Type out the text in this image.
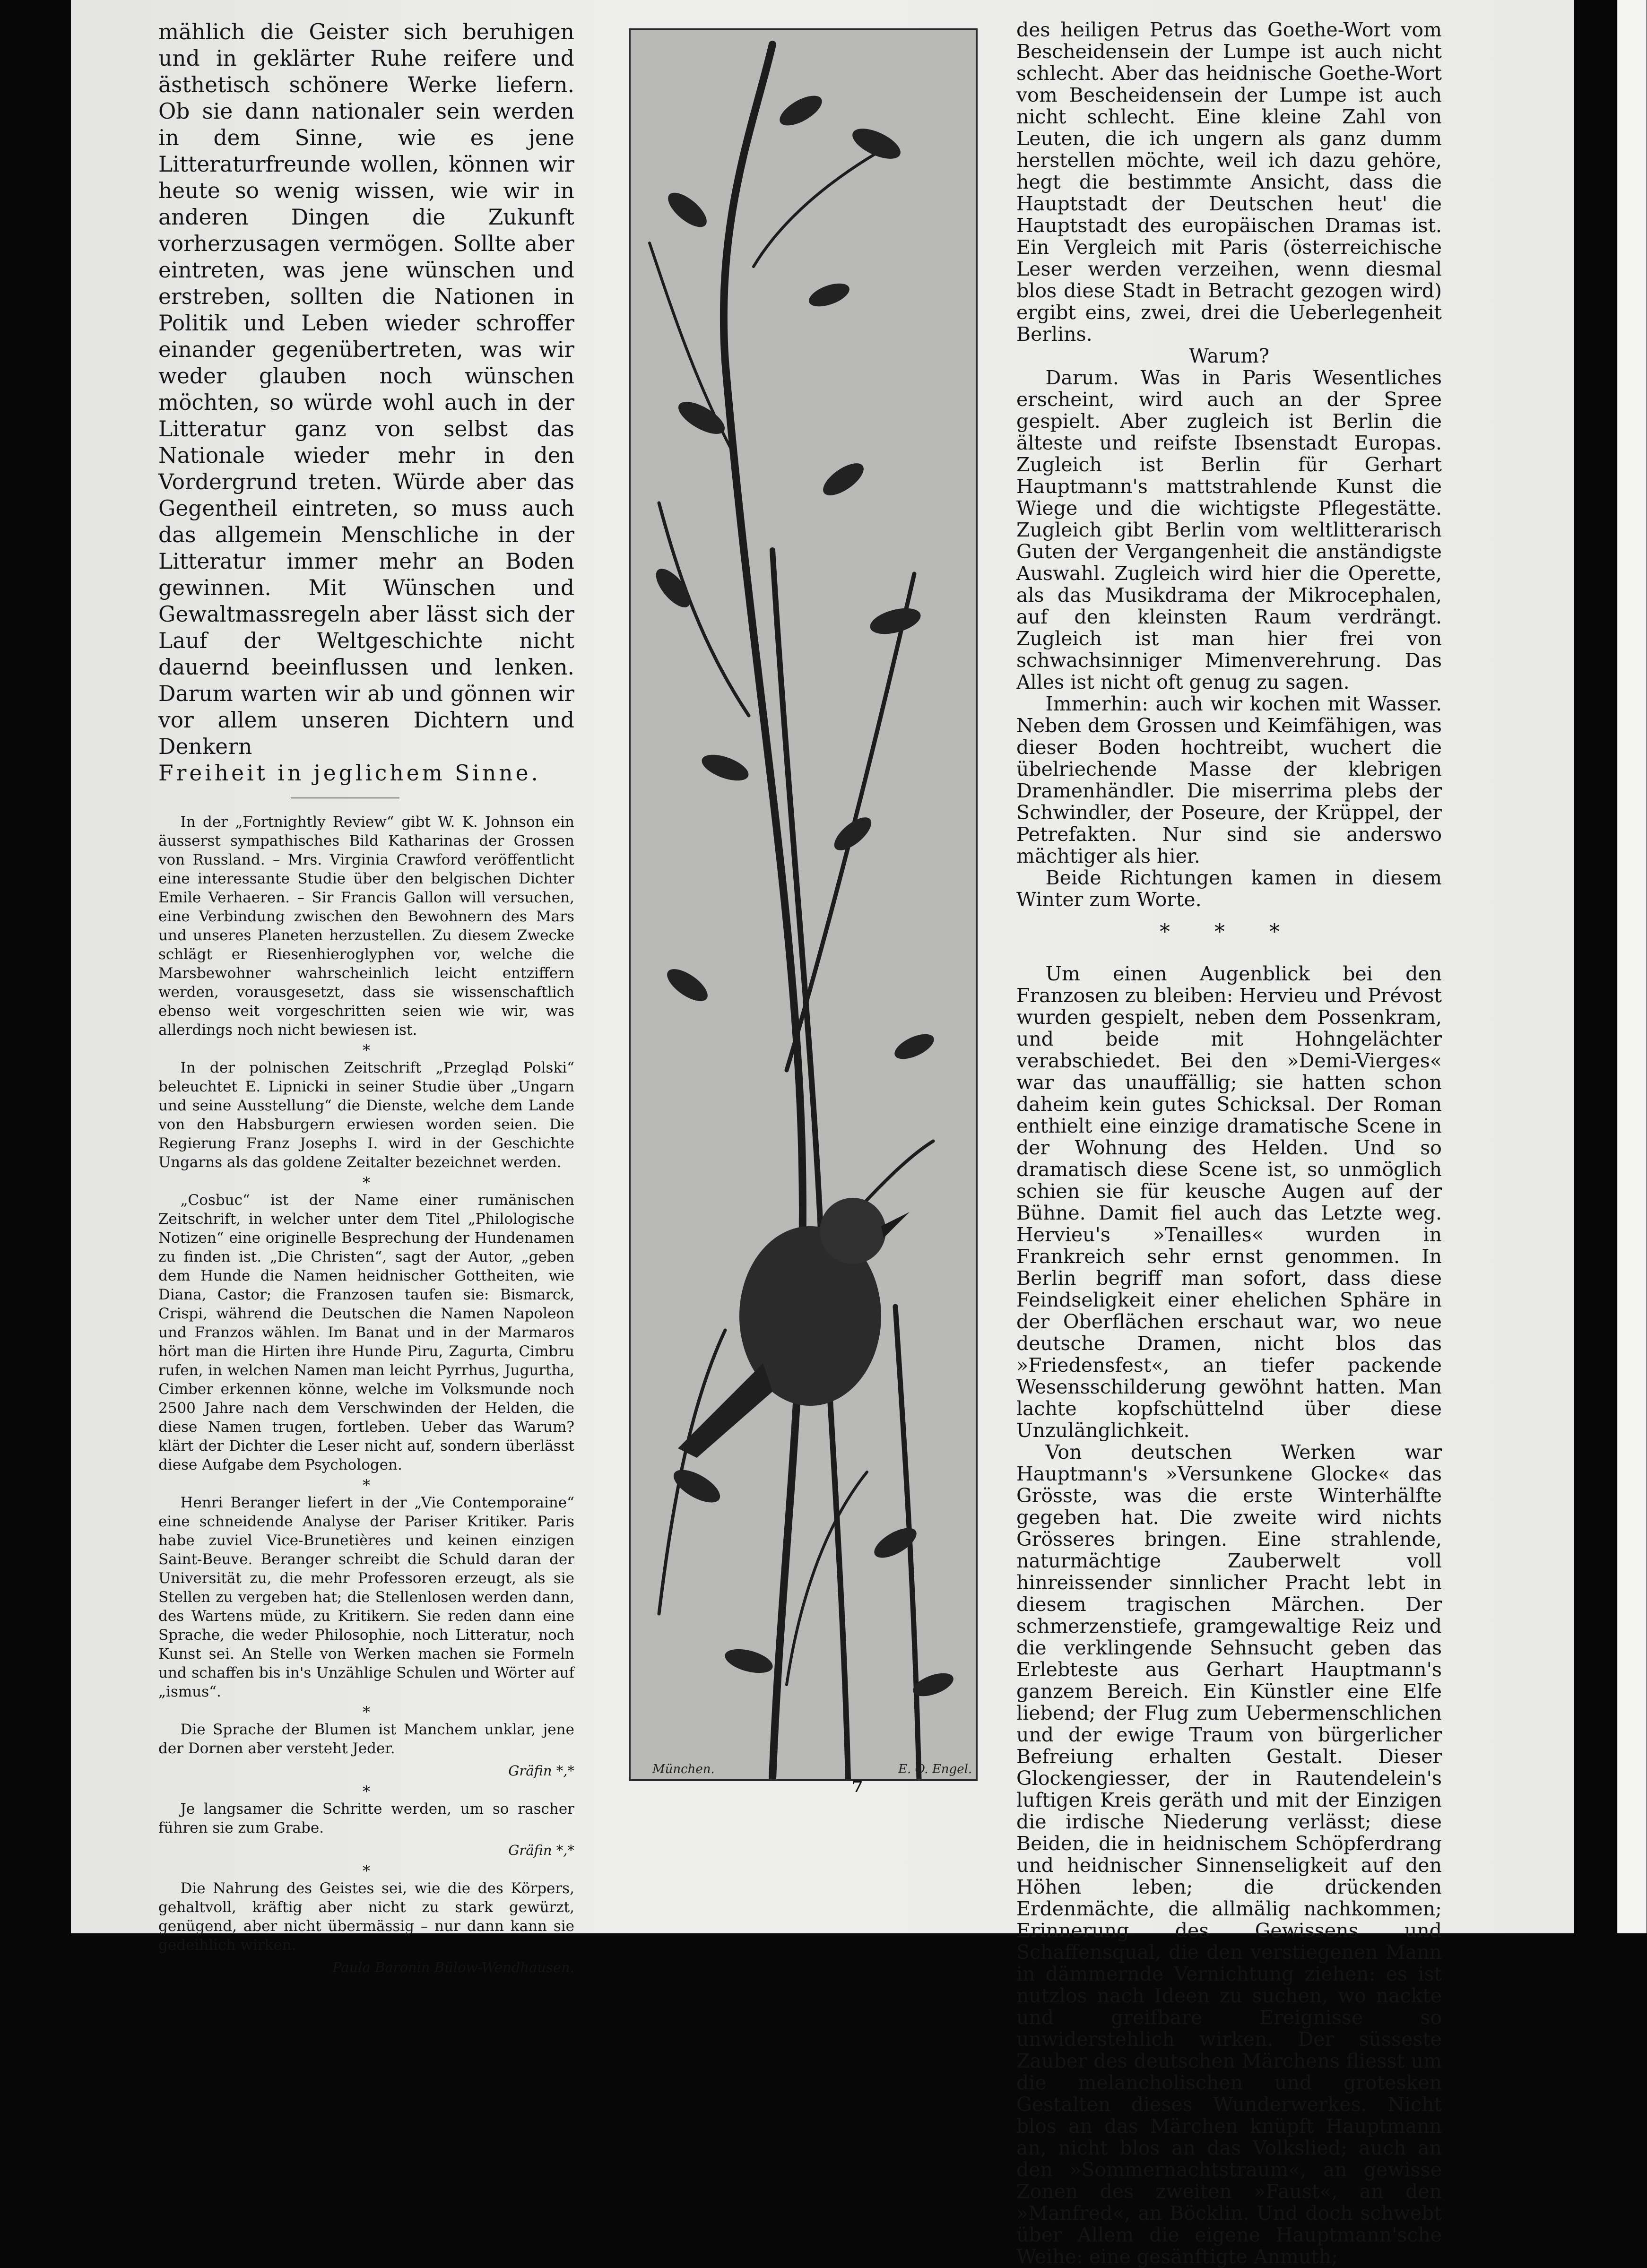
mählich die Geister sich beruhigen und in geklärter Ruhe reifere und ästhetisch schönere Werke liefern. Ob sie dann nationaler sein werden in dem Sinne, wie es jene Litteraturfreunde wollen, können wir heute so wenig wissen, wie wir in anderen Dingen die Zukunft vorherzusagen vermögen. Sollte aber eintreten, was jene wünschen und erstreben, sollten die Nationen in Politik und Leben wieder schroffer einander gegenübertreten, was wir weder glauben noch wünschen möchten, so würde wohl auch in der Litteratur ganz von selbst das Nationale wieder mehr in den Vordergrund treten. Würde aber das Gegentheil eintreten, so muss auch das allgemein Menschliche in der Litteratur immer mehr an Boden gewinnen. Mit Wünschen und Gewaltmassregeln aber lässt sich der Lauf der Weltgeschichte nicht dauernd beeinflussen und lenken. Darum warten wir ab und gönnen wir vor allem unseren Dichtern und Denkern

Freiheit in jeglichem Sinne.

In der „Fortnightly Review“ gibt W. K. Johnson ein äusserst sympathisches Bild Katharinas der Grossen von Russland. – Mrs. Virginia Crawford veröffentlicht eine interessante Studie über den belgischen Dichter Emile Verhaeren. – Sir Francis Gallon will versuchen, eine Verbindung zwischen den Bewohnern des Mars und unseres Planeten herzustellen. Zu diesem Zwecke schlägt er Riesenhieroglyphen vor, welche die Marsbewohner wahrscheinlich leicht entziffern werden, vorausgesetzt, dass sie wissenschaftlich ebenso weit vorgeschritten seien wie wir, was allerdings noch nicht bewiesen ist.

*

In der polnischen Zeitschrift „Przegląd Polski“ beleuchtet E. Lipnicki in seiner Studie über „Ungarn und seine Ausstellung“ die Dienste, welche dem Lande von den Habsburgern erwiesen worden seien. Die Regierung Franz Josephs I. wird in der Geschichte Ungarns als das goldene Zeitalter bezeichnet werden.

*

„Cosbuc“ ist der Name einer rumänischen Zeitschrift, in welcher unter dem Titel „Philologische Notizen“ eine originelle Besprechung der Hundenamen zu finden ist. „Die Christen“, sagt der Autor, „geben dem Hunde die Namen heidnischer Gottheiten, wie Diana, Castor; die Franzosen taufen sie: Bismarck, Crispi, während die Deutschen die Namen Napoleon und Franzos wählen. Im Banat und in der Marmaros hört man die Hirten ihre Hunde Piru, Zagurta, Cimbru rufen, in welchen Namen man leicht Pyrrhus, Jugurtha, Cimber erkennen könne, welche im Volksmunde noch 2500 Jahre nach dem Verschwinden der Helden, die diese Namen trugen, fortleben. Ueber das Warum? klärt der Dichter die Leser nicht auf, sondern überlässt diese Aufgabe dem Psychologen.

*

Henri Beranger liefert in der „Vie Contemporaine“ eine schneidende Analyse der Pariser Kritiker. Paris habe zuviel Vice-Brunetières und keinen einzigen Saint-Beuve. Beranger schreibt die Schuld daran der Universität zu, die mehr Professoren erzeugt, als sie Stellen zu vergeben hat; die Stellenlosen werden dann, des Wartens müde, zu Kritikern. Sie reden dann eine Sprache, die weder Philosophie, noch Litteratur, noch Kunst sei. An Stelle von Werken machen sie Formeln und schaffen bis in's Unzählige Schulen und Wörter auf „ismus“.

*

Die Sprache der Blumen ist Manchem unklar, jene der Dornen aber versteht Jeder.

Gräfin *,*

*

Je langsamer die Schritte werden, um so rascher führen sie zum Grabe.

Gräfin *,*

*

Die Nahrung des Geistes sei, wie die des Körpers, gehaltvoll, kräftig aber nicht zu stark gewürzt, genügend, aber nicht übermässig – nur dann kann sie gedeihlich wirken.

Paula Baronin Bülow-Wendhausen.

München.	E. O. Engel.

des heiligen Petrus das Goethe-Wort vom Bescheidensein der Lumpe ist auch nicht schlecht. Aber das heidnische Goethe-Wort vom Bescheidensein der Lumpe ist auch nicht schlecht. Eine kleine Zahl von Leuten, die ich ungern als ganz dumm herstellen möchte, weil ich dazu gehöre, hegt die bestimmte Ansicht, dass die Hauptstadt der Deutschen heut' die Hauptstadt des europäischen Dramas ist. Ein Vergleich mit Paris (österreichische Leser werden verzeihen, wenn diesmal blos diese Stadt in Betracht gezogen wird) ergibt eins, zwei, drei die Ueberlegenheit Berlins.

Warum?

Darum. Was in Paris Wesentliches erscheint, wird auch an der Spree gespielt. Aber zugleich ist Berlin die älteste und reifste Ibsenstadt Europas. Zugleich ist Berlin für Gerhart Hauptmann's mattstrahlende Kunst die Wiege und die wichtigste Pflegestätte. Zugleich gibt Berlin vom weltlitterarisch Guten der Vergangenheit die anständigste Auswahl. Zugleich wird hier die Operette, als das Musikdrama der Mikrocephalen, auf den kleinsten Raum verdrängt. Zugleich ist man hier frei von schwachsinniger Mimenverehrung. Das Alles ist nicht oft genug zu sagen.

Immerhin: auch wir kochen mit Wasser. Neben dem Grossen und Keimfähigen, was dieser Boden hochtreibt, wuchert die übelriechende Masse der klebrigen Dramenhändler. Die miserrima plebs der Schwindler, der Poseure, der Krüppel, der Petrefakten. Nur sind sie anderswo mächtiger als hier.

Beide Richtungen kamen in diesem Winter zum Worte.

* * *

Um einen Augenblick bei den Franzosen zu bleiben: Hervieu und Prévost wurden gespielt, neben dem Possenkram, und beide mit Hohngelächter verabschiedet. Bei den »Demi-Vierges« war das unauffällig; sie hatten schon daheim kein gutes Schicksal. Der Roman enthielt eine einzige dramatische Scene in der Wohnung des Helden. Und so dramatisch diese Scene ist, so unmöglich schien sie für keusche Augen auf der Bühne. Damit fiel auch das Letzte weg. Hervieu's »Tenailles« wurden in Frankreich sehr ernst genommen. In Berlin begriff man sofort, dass diese Feindseligkeit einer ehelichen Sphäre in der Oberflächen erschaut war, wo neue deutsche Dramen, nicht blos das »Friedensfest«, an tiefer packende Wesensschilderung gewöhnt hatten. Man lachte kopfschüttelnd über diese Unzulänglichkeit.

Von deutschen Werken war Hauptmann's »Versunkene Glocke« das Grösste, was die erste Winterhälfte gegeben hat. Die zweite wird nichts Grösseres bringen. Eine strahlende, naturmächtige Zauberwelt voll hinreissender sinnlicher Pracht lebt in diesem tragischen Märchen. Der schmerzenstiefe, gramgewaltige Reiz und die verklingende Sehnsucht geben das Erlebteste aus Gerhart Hauptmann's ganzem Bereich. Ein Künstler eine Elfe liebend; der Flug zum Uebermenschlichen und der ewige Traum von bürgerlicher Befreiung erhalten Gestalt. Dieser Glockengiesser, der in Rautendelein's luftigen Kreis geräth und mit der Einzigen die irdische Niederung verlässt; diese Beiden, die in heidnischem Schöpferdrang und heidnischer Sinnenseligkeit auf den Höhen leben; die drückenden Erdenmächte, die allmälig nachkommen; Erinnerung des Gewissens und Schaffensqual, die den verstiegenen Mann in dämmernde Vernichtung ziehen: es ist nutzlos nach Ideen zu suchen, wo nackte und greifbare Ereignisse so unwiderstehlich wirken. Der süsseste Zauber des deutschen Märchens fliesst um die melancholischen und grotesken Gestalten dieses Wunderwerkes. Nicht blos an das Märchen knüpft Hauptmann an, nicht blos an das Volkslied; auch an den »Sommernachtstraum«, an gewisse Zonen des zweiten »Faust«, an den »Manfred«, an Böcklin. Und doch schwebt über Allem die eigene Hauptmann'sche Weihe: eine gesänftigte Anmuth;

7
